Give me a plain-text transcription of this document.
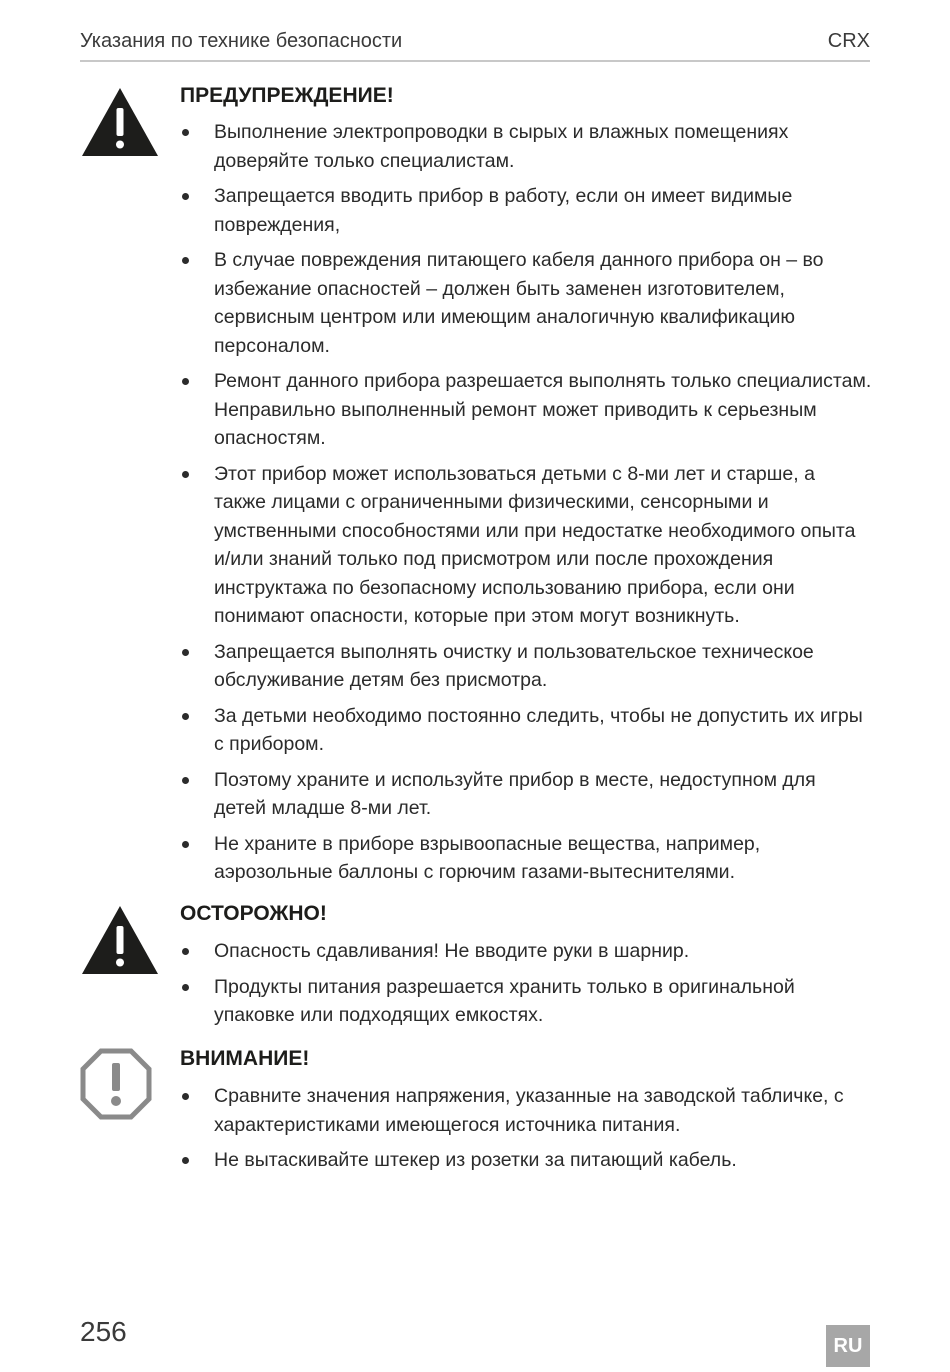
Указания по технике безопасности	CRX
ПРЕДУПРЕЖДЕНИЕ!
Выполнение электропроводки в сырых и влажных помещениях доверяйте только специалистам.
Запрещается вводить прибор в работу, если он имеет видимые повреждения,
В случае повреждения питающего кабеля данного прибора он – во избежание опасностей – должен быть заменен изготовителем, сервисным центром или имеющим аналогичную квалификацию персоналом.
Ремонт данного прибора разрешается выполнять только специалистам. Неправильно выполненный ремонт может приводить к серьезным опасностям.
Этот прибор может использоваться детьми с 8-ми лет и старше, а также лицами с ограниченными физическими, сенсорными и умственными способностями или при недостатке необходимого опыта и/или знаний только под присмотром или после прохождения инструктажа по безопасному использованию прибора, если они понимают опасности, которые при этом могут возникнуть.
Запрещается выполнять очистку и пользовательское техническое обслуживание детям без присмотра.
За детьми необходимо постоянно следить, чтобы не допустить их игры с прибором.
Поэтому храните и используйте прибор в месте, недоступном для детей младше 8-ми лет.
Не храните в приборе взрывоопасные вещества, например, аэрозольные баллоны с горючим газами-вытеснителями.
ОСТОРОЖНО!
Опасность сдавливания! Не вводите руки в шарнир.
Продукты питания разрешается хранить только в оригинальной упаковке или подходящих емкостях.
ВНИМАНИЕ!
Сравните значения напряжения, указанные на заводской табличке, с характеристиками имеющегося источника питания.
Не вытаскивайте штекер из розетки за питающий кабель.
256	RU
